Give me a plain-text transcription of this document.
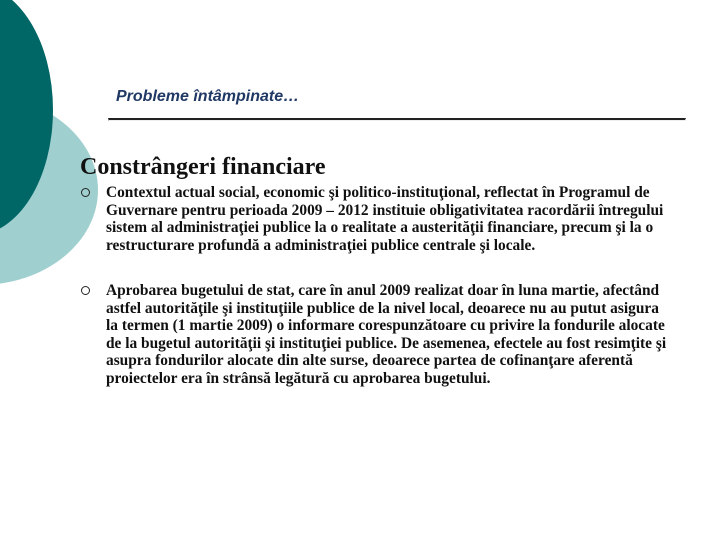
Probleme întâmpinate…
Constrângeri financiare
Contextul actual social, economic şi politico-instituţional, reflectat în Programul de Guvernare pentru perioada 2009 – 2012 instituie obligativitatea racordării întregului sistem al administraţiei publice la o realitate a austerităţii financiare, precum şi la o restructurare profundă a administraţiei publice centrale şi locale.
Aprobarea bugetului de stat, care în anul 2009 realizat doar în luna martie, afectând astfel autorităţile şi instituţiile publice de la nivel local, deoarece nu au putut asigura la termen (1 martie 2009) o informare corespunzătoare cu privire la fondurile alocate de la bugetul autorităţii şi instituţiei publice. De asemenea, efectele au fost resimţite şi asupra fondurilor alocate din alte surse, deoarece partea de cofinanţare aferentă proiectelor era în strânsă legătură cu aprobarea bugetului.
